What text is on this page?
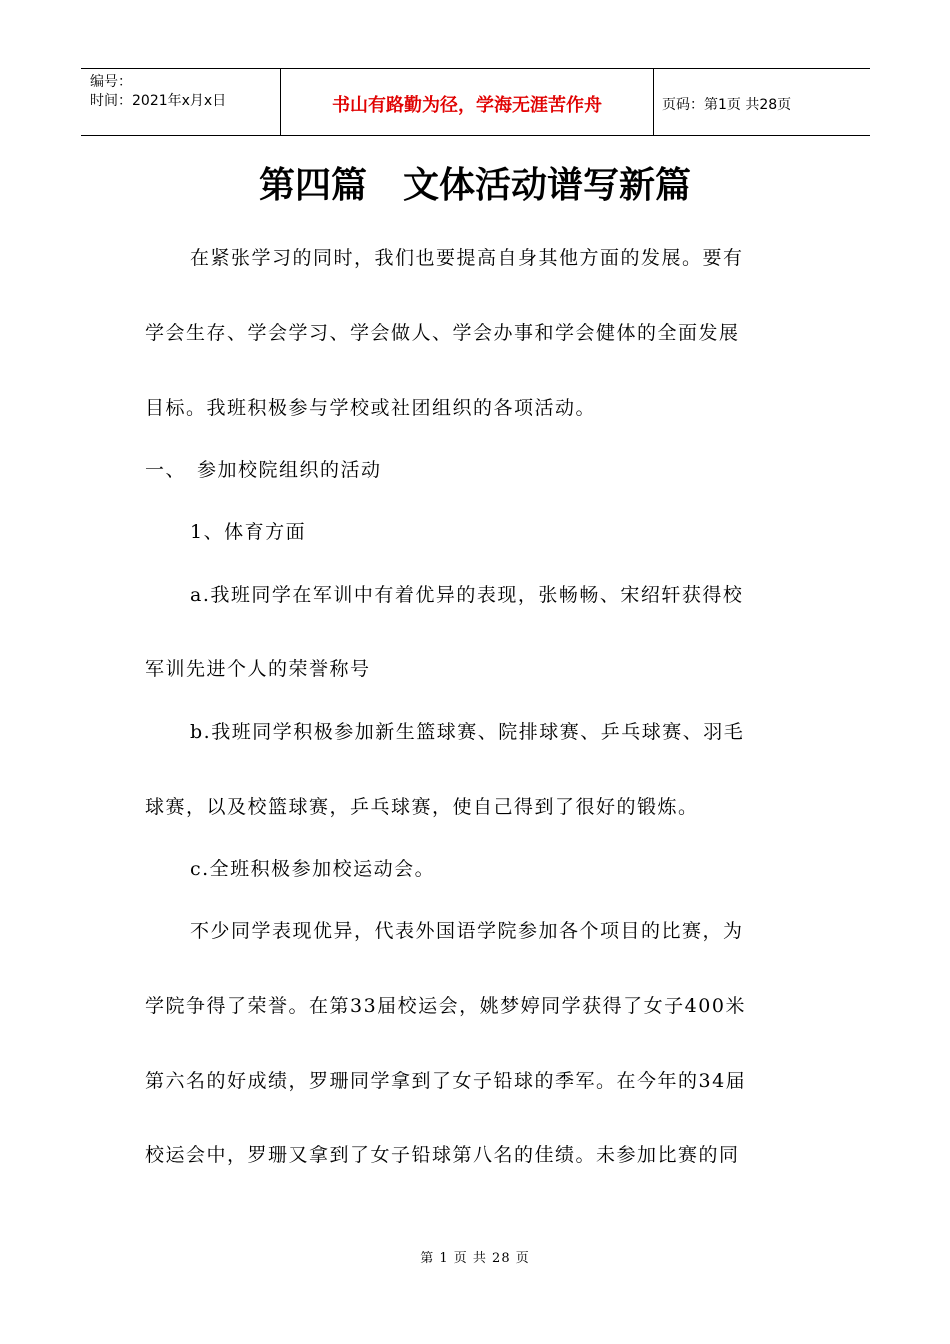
编号：
时间：2021年x月x日	书山有路勤为径，学海无涯苦作舟	页码：第1页 共28页
第四篇　文体活动谱写新篇
在紧张学习的同时，我们也要提高自身其他方面的发展。要有
学会生存、学会学习、学会做人、学会办事和学会健体的全面发展
目标。我班积极参与学校或社团组织的各项活动。
一、　参加校院组织的活动
1、体育方面
a.我班同学在军训中有着优异的表现，张畅畅、宋绍轩获得校
军训先进个人的荣誉称号
b.我班同学积极参加新生篮球赛、院排球赛、乒乓球赛、羽毛
球赛，以及校篮球赛，乒乓球赛，使自己得到了很好的锻炼。
c.全班积极参加校运动会。
不少同学表现优异，代表外国语学院参加各个项目的比赛，为
学院争得了荣誉。在第33届校运会，姚梦婷同学获得了女子400米
第六名的好成绩，罗珊同学拿到了女子铅球的季军。在今年的34届
校运会中，罗珊又拿到了女子铅球第八名的佳绩。未参加比赛的同
第 1 页 共 28 页
